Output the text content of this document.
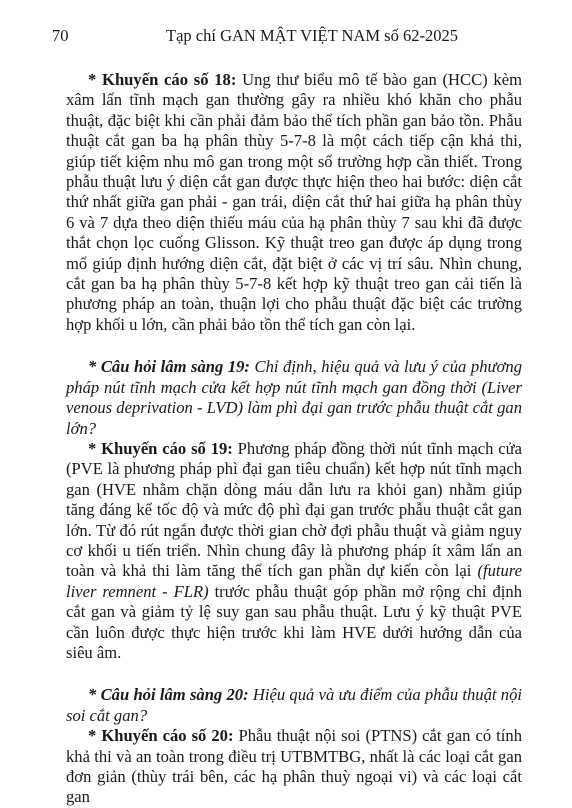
70	Tạp chí GAN MẬT VIỆT NAM số 62-2025

* Khuyến cáo số 18: Ung thư biểu mô tế bào gan (HCC) kèm xâm lấn tĩnh mạch gan thường gây ra nhiều khó khăn cho phẫu thuật, đặc biệt khi cần phải đảm bảo thể tích phần gan bảo tồn. Phẫu thuật cắt gan ba hạ phân thùy 5-7-8 là một cách tiếp cận khả thi, giúp tiết kiệm nhu mô gan trong một số trường hợp cần thiết. Trong phẫu thuật lưu ý diện cắt gan được thực hiện theo hai bước: diện cắt thứ nhất giữa gan phải - gan trái, diện cắt thứ hai giữa hạ phân thùy 6 và 7 dựa theo diện thiếu máu của hạ phân thùy 7 sau khi đã được thắt chọn lọc cuống Glisson. Kỹ thuật treo gan được áp dụng trong mổ giúp định hướng diện cắt, đặt biệt ở các vị trí sâu. Nhìn chung, cắt gan ba hạ phân thùy 5-7-8 kết hợp kỹ thuật treo gan cải tiến là phương pháp an toàn, thuận lợi cho phẫu thuật đặc biệt các trường hợp khối u lớn, cần phải bảo tồn thể tích gan còn lại.

* Câu hỏi lâm sàng 19: Chỉ định, hiệu quả và lưu ý của phương pháp nút tĩnh mạch cửa kết hợp nút tĩnh mạch gan đồng thời (Liver venous deprivation - LVD) làm phì đại gan trước phẫu thuật cắt gan lớn?

* Khuyến cáo số 19: Phương pháp đồng thời nút tĩnh mạch cửa (PVE là phương pháp phì đại gan tiêu chuẩn) kết hợp nút tĩnh mạch gan (HVE nhằm chặn dòng máu dẫn lưu ra khỏi gan) nhằm giúp tăng đáng kể tốc độ và mức độ phì đại gan trước phẫu thuật cắt gan lớn. Từ đó rút ngắn được thời gian chờ đợi phẫu thuật và giảm nguy cơ khối u tiến triển. Nhìn chung đây là phương pháp ít xâm lấn an toàn và khả thi làm tăng thể tích gan phần dự kiến còn lại (future liver remnent - FLR) trước phẫu thuật góp phần mở rộng chỉ định cắt gan và giảm tỷ lệ suy gan sau phẫu thuật. Lưu ý kỹ thuật PVE cần luôn được thực hiện trước khi làm HVE dưới hướng dẫn của siêu âm.

* Câu hỏi lâm sàng 20: Hiệu quả và ưu điểm của phẫu thuật nội soi cắt gan?

* Khuyến cáo số 20: Phẫu thuật nội soi (PTNS) cắt gan có tính khả thi và an toàn trong điều trị UTBMTBG, nhất là các loại cắt gan đơn giản (thùy trái bên, các hạ phân thuỳ ngoại vi) và các loại cắt gan
